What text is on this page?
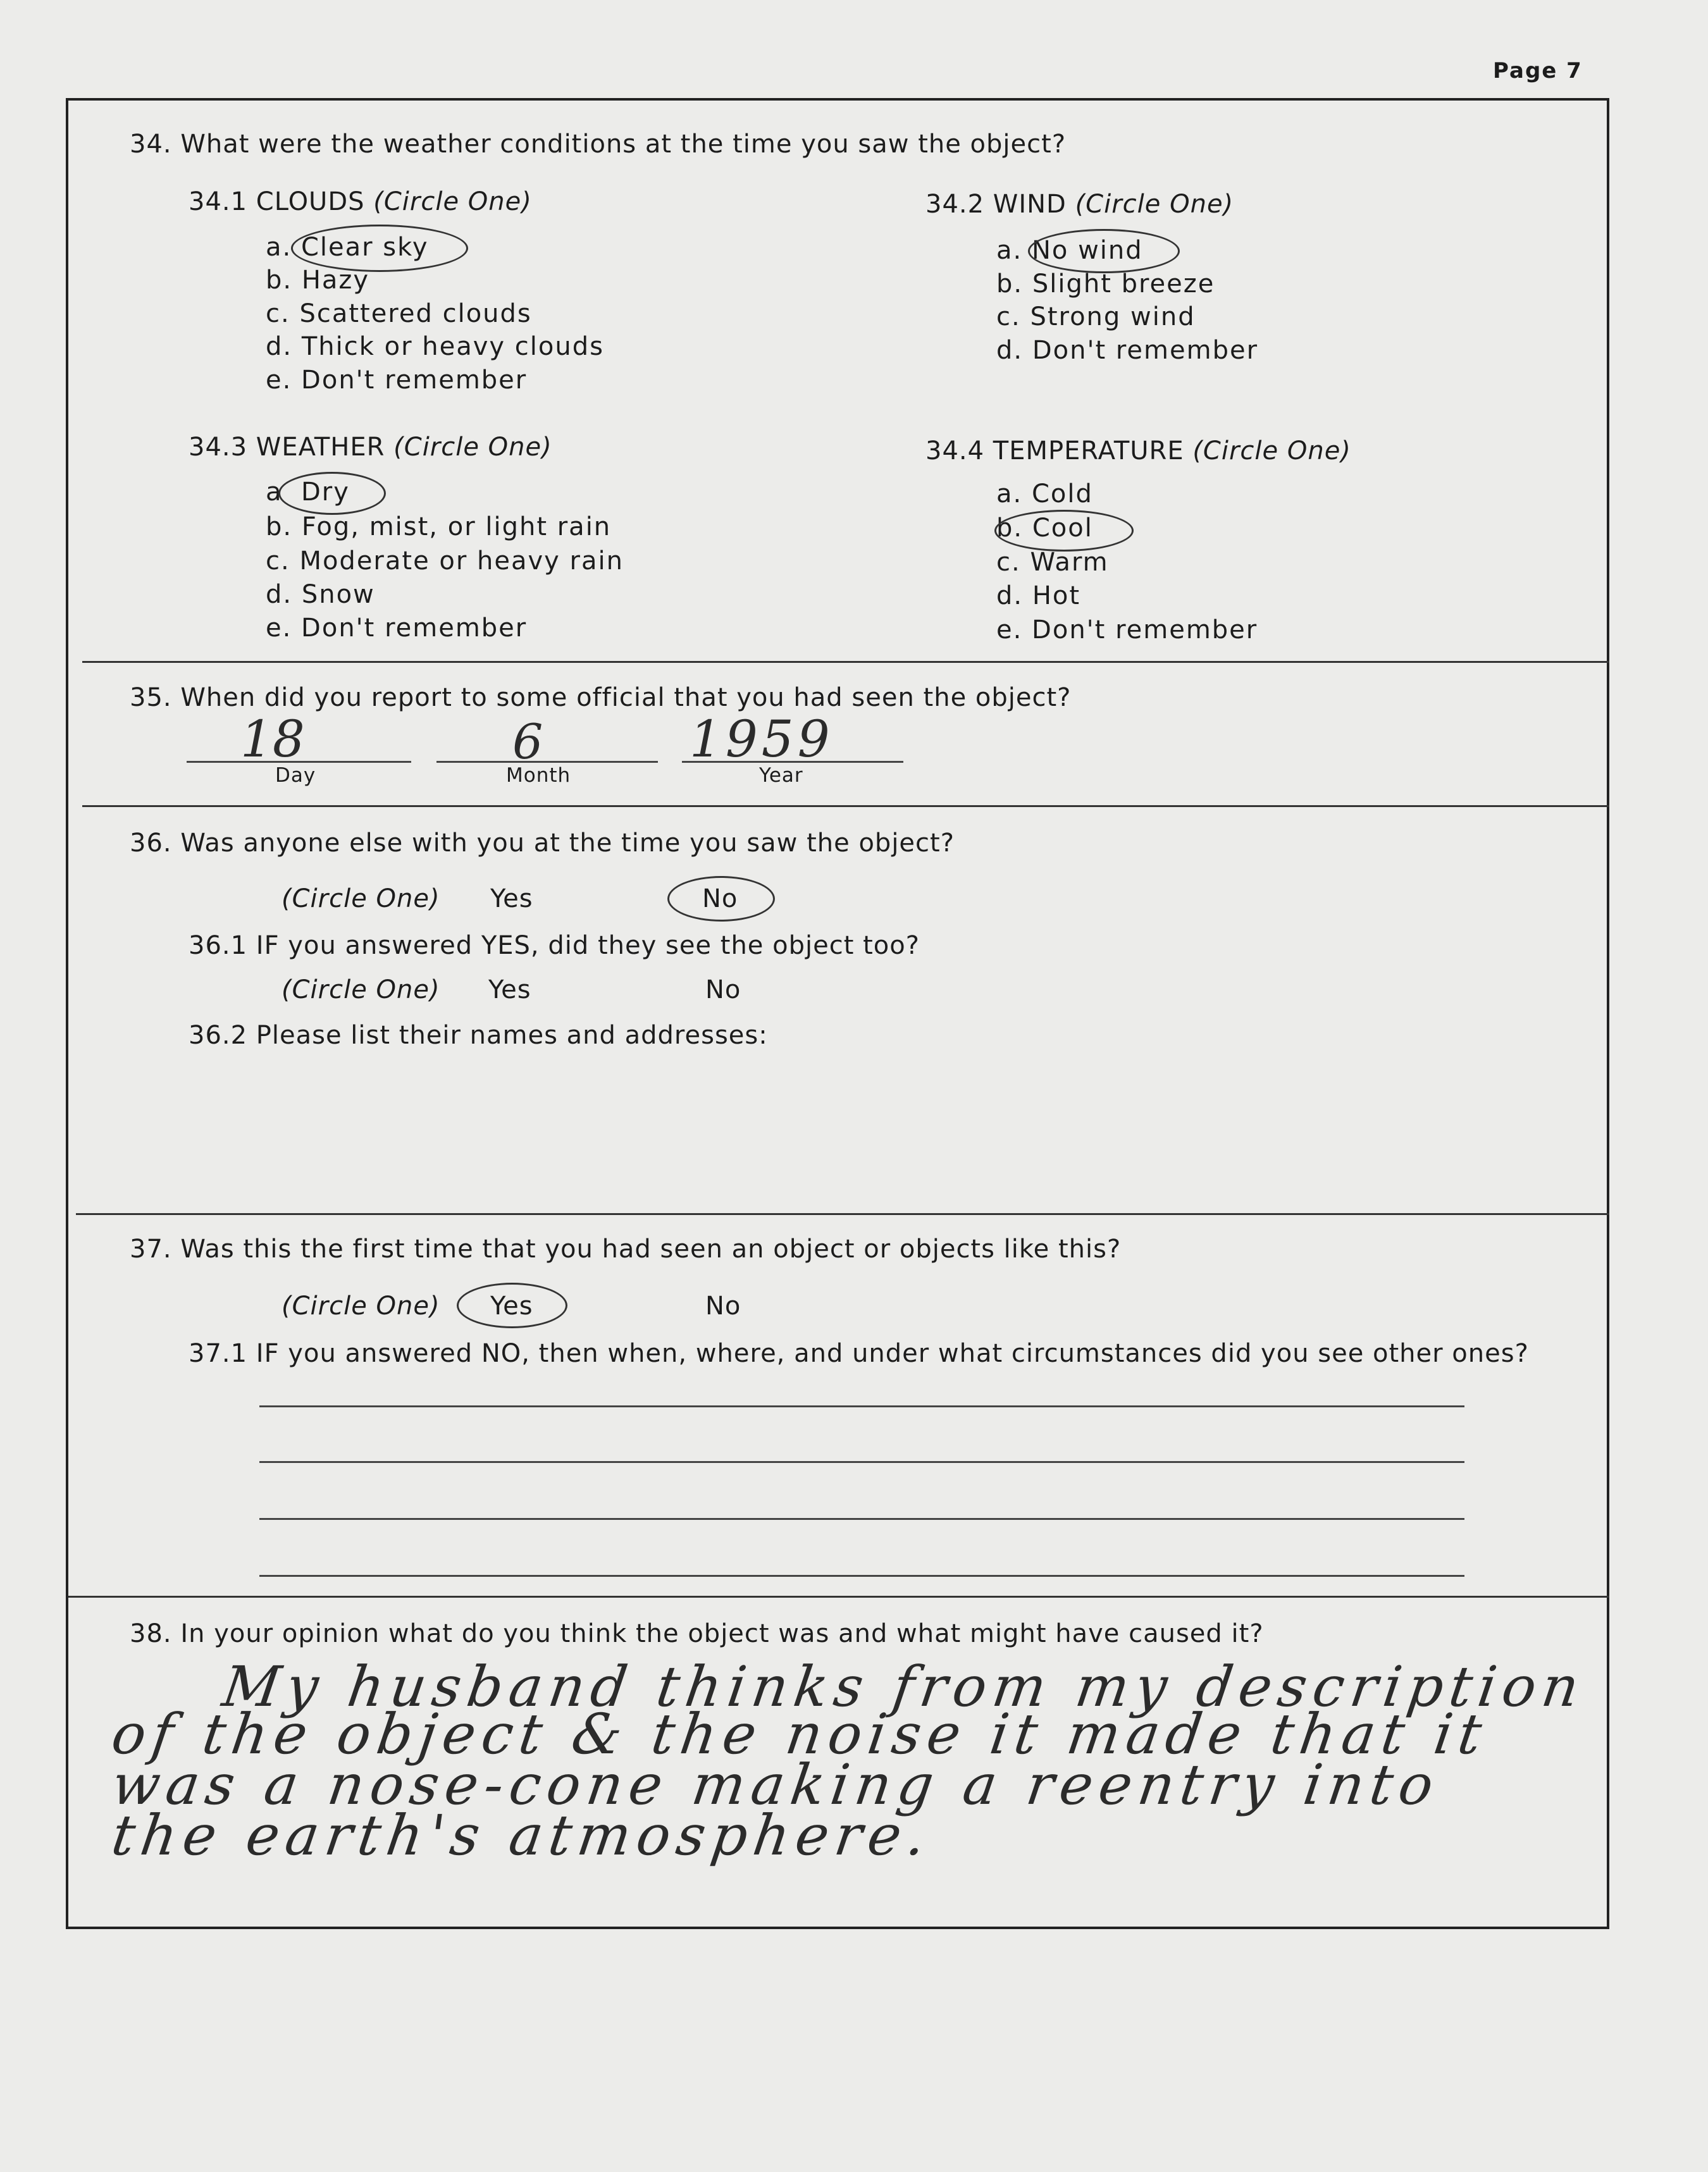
Page 7
34. What were the weather conditions at the time you saw the object?
34.1 CLOUDS (Circle One)
a. Clear sky
b. Hazy
c. Scattered clouds
d. Thick or heavy clouds
e. Don't remember
34.2 WIND (Circle One)
a. No wind
b. Slight breeze
c. Strong wind
d. Don't remember
34.3 WEATHER (Circle One)
a Dry
b. Fog, mist, or light rain
c. Moderate or heavy rain
d. Snow
e. Don't remember
34.4 TEMPERATURE (Circle One)
a. Cold
b. Cool
c. Warm
d. Hot
e. Don't remember
35. When did you report to some official that you had seen the object?
18	6	1959
Day	Month	Year
36. Was anyone else with you at the time you saw the object?
(Circle One) Yes	No
36.1 IF you answered YES, did they see the object too?
(Circle One) Yes	No
36.2 Please list their names and addresses:
37. Was this the first time that you had seen an object or objects like this?
(Circle One) Yes	No
37.1 IF you answered NO, then when, where, and under what circumstances did you see other ones?
38. In your opinion what do you think the object was and what might have caused it?
My husband thinks from my description
of the object & the noise it made that it
was a nose-cone making a reentry into
the earth's atmosphere.
